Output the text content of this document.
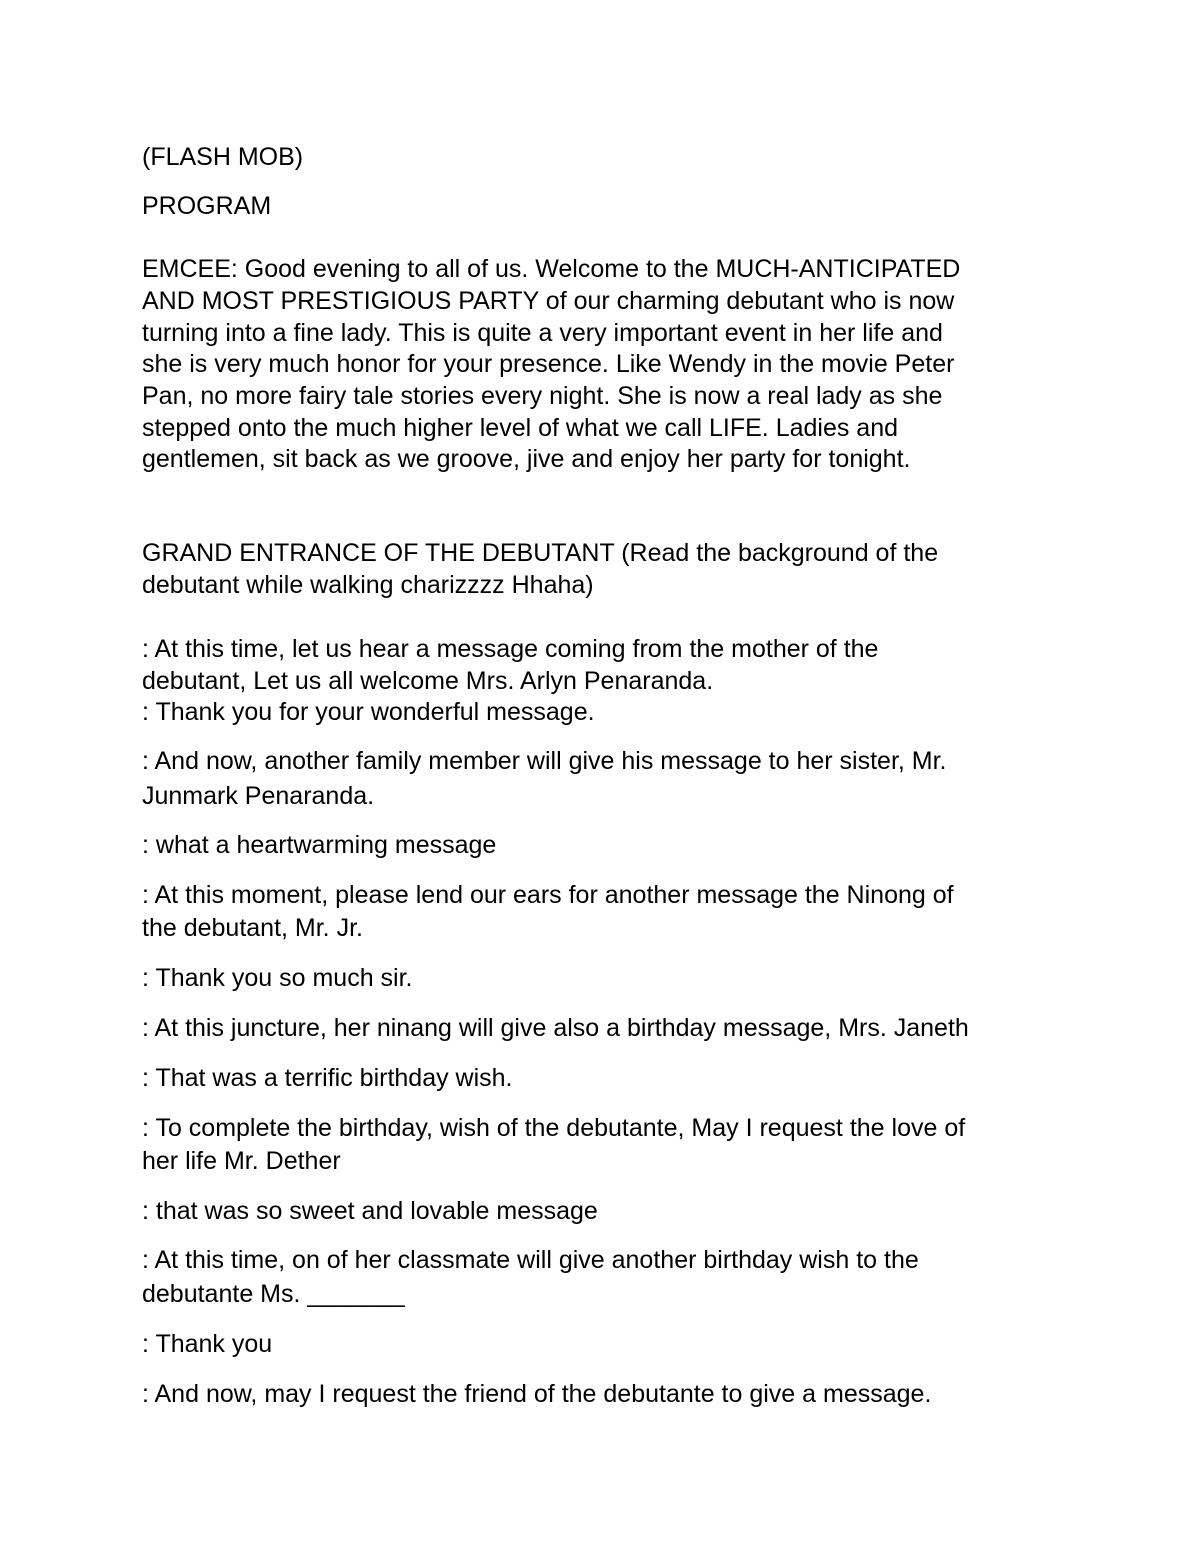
(FLASH MOB)

PROGRAM

EMCEE: Good evening to all of us. Welcome to the MUCH-ANTICIPATED

AND MOST PRESTIGIOUS PARTY of our charming debutant who is now

turning into a fine lady. This is quite a very important event in her life and

she is very much honor for your presence. Like Wendy in the movie Peter

Pan, no more fairy tale stories every night. She is now a real lady as she

stepped onto the much higher level of what we call LIFE. Ladies and

gentlemen, sit back as we groove, jive and enjoy her party for tonight.

GRAND ENTRANCE OF THE DEBUTANT (Read the background of the

debutant while walking charizzzz Hhaha)

: At this time, let us hear a message coming from the mother of the

debutant, Let us all welcome Mrs. Arlyn Penaranda.

: Thank you for your wonderful message.

: And now, another family member will give his message to her sister, Mr.

Junmark Penaranda.

: what a heartwarming message

: At this moment, please lend our ears for another message the Ninong of

the debutant, Mr. Jr.

: Thank you so much sir.

: At this juncture, her ninang will give also a birthday message, Mrs. Janeth

: That was a terrific birthday wish.

: To complete the birthday, wish of the debutante, May I request the love of

her life Mr. Dether

: that was so sweet and lovable message

: At this time, on of her classmate will give another birthday wish to the

debutante Ms. _______

: Thank you

: And now, may I request the friend of the debutante to give a message.
